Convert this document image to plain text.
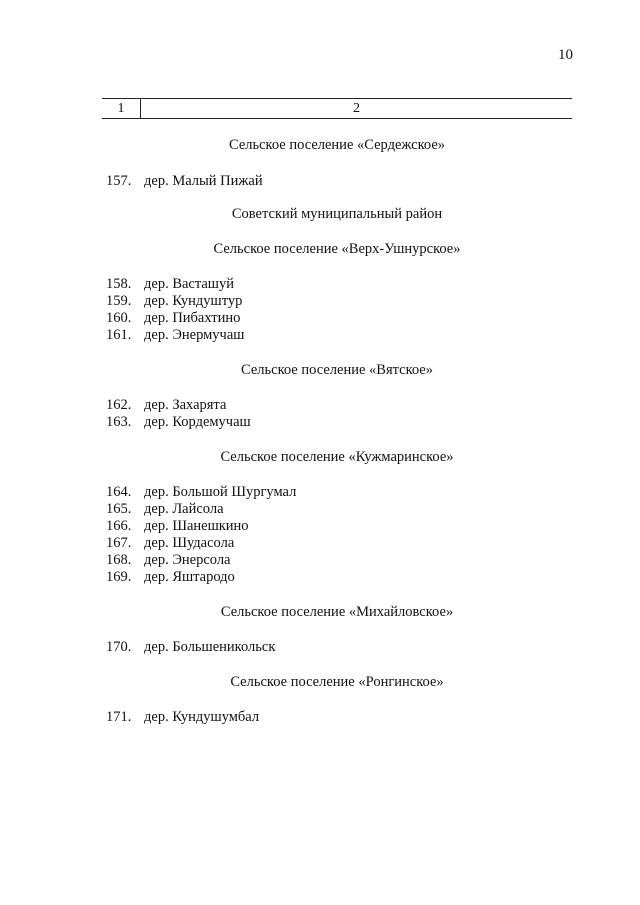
10
1	2
Сельское поселение «Сердежское»
157. дер. Малый Пижай
Советский муниципальный район
Сельское поселение «Верх-Ушнурское»
158. дер. Васташуй
159. дер. Кундуштур
160. дер. Пибахтино
161. дер. Энермучаш
Сельское поселение «Вятское»
162. дер. Захарята
163. дер. Кордемучаш
Сельское поселение «Кужмаринское»
164. дер. Большой Шургумал
165. дер. Лайсола
166. дер. Шанешкино
167. дер. Шудасола
168. дер. Энерсола
169. дер. Яштародо
Сельское поселение «Михайловское»
170. дер. Большеникольск
Сельское поселение «Ронгинское»
171. дер. Кундушумбал
